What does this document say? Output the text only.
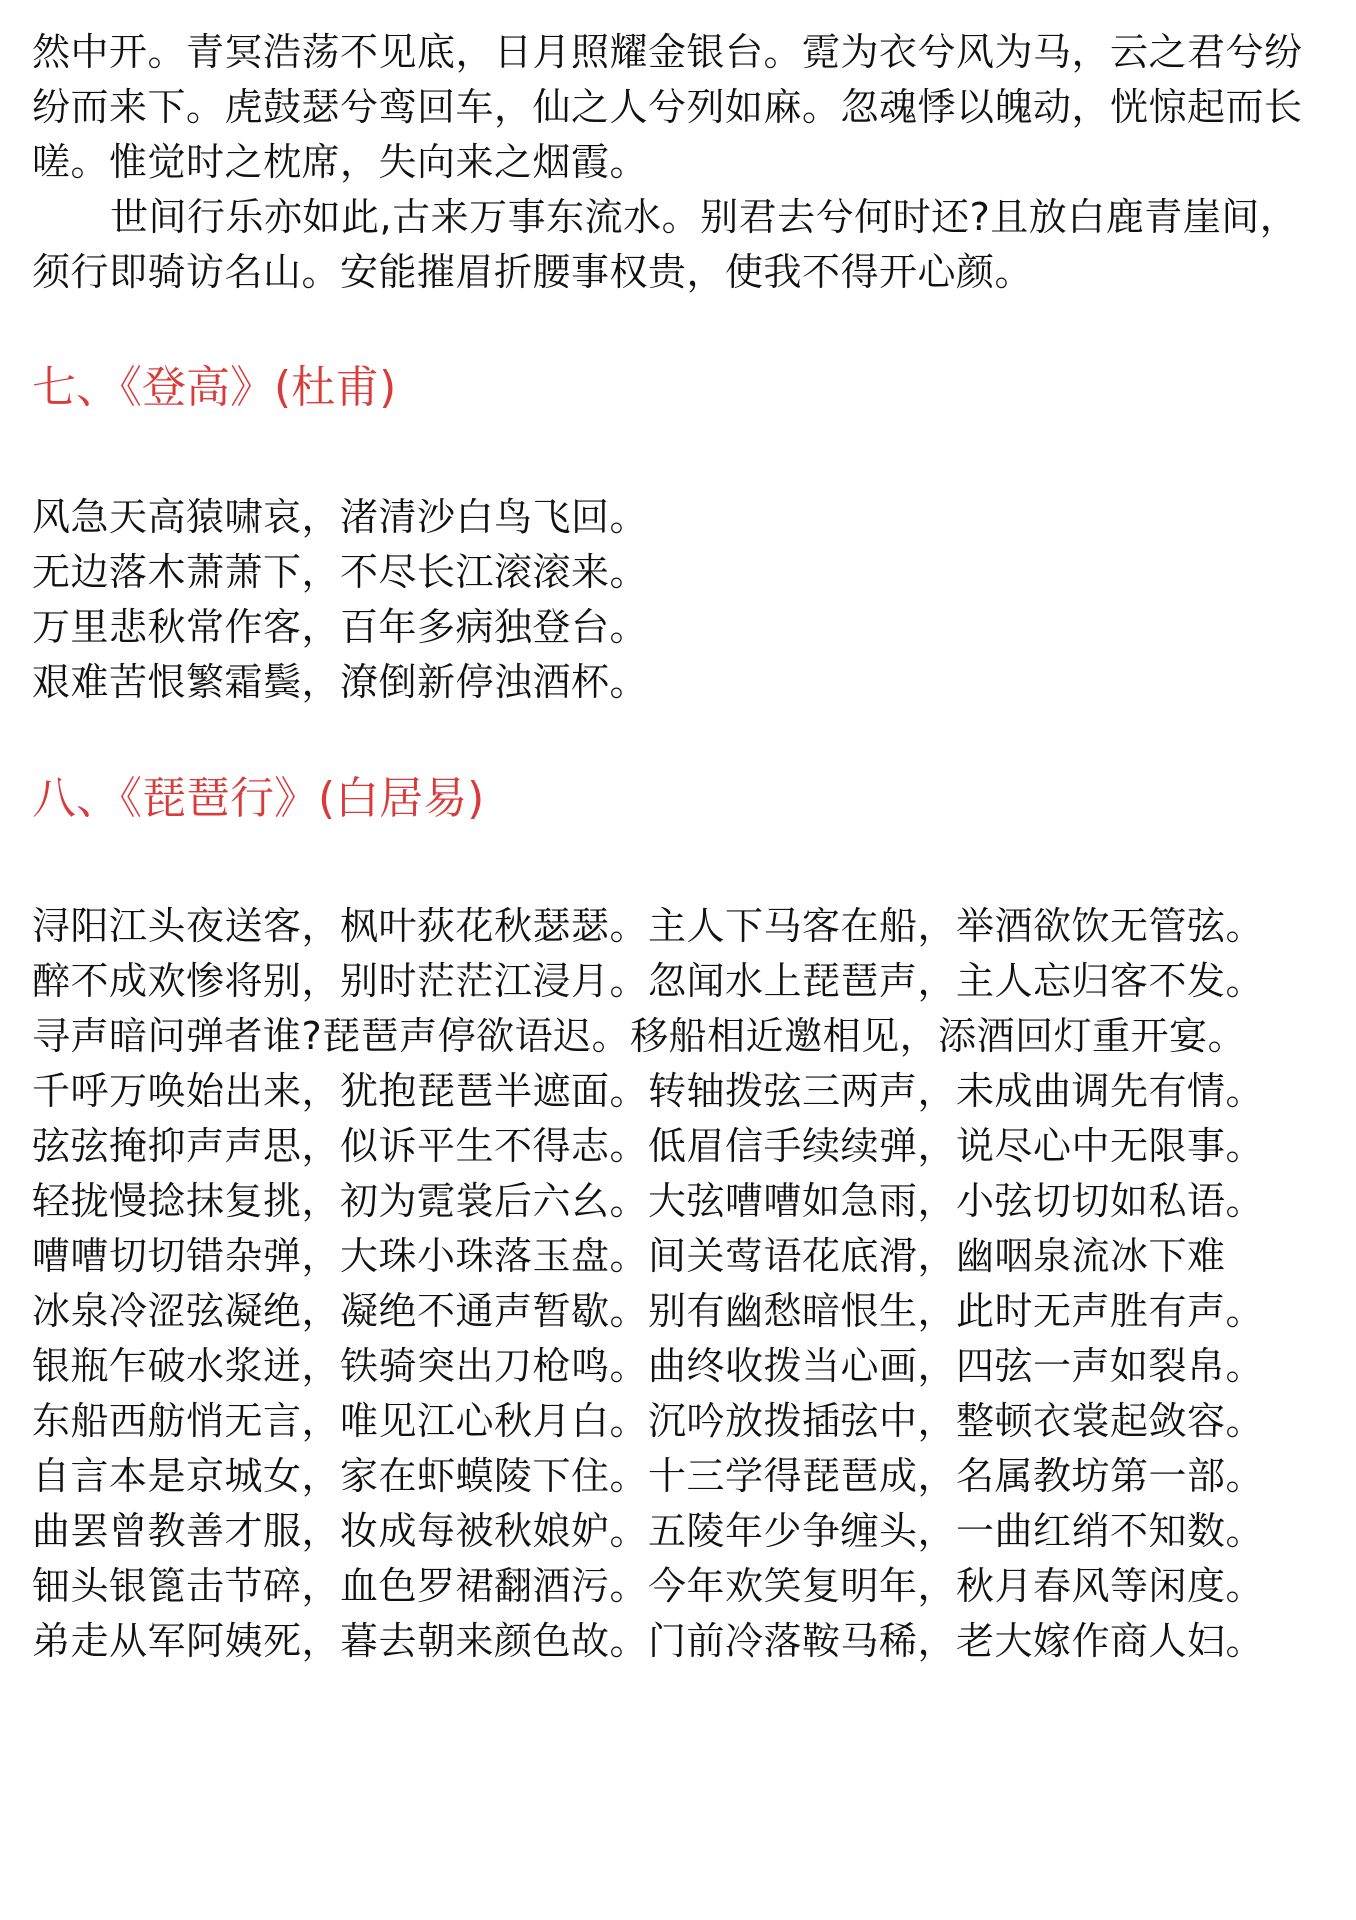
然中开。青冥浩荡不见底，日月照耀金银台。霓为衣兮风为马，云之君兮纷
纷而来下。虎鼓瑟兮鸾回车，仙之人兮列如麻。忽魂悸以魄动，恍惊起而长
嗟。惟觉时之枕席，失向来之烟霞。
世间行乐亦如此,古来万事东流水。别君去兮何时还?且放白鹿青崖间，
须行即骑访名山。安能摧眉折腰事权贵，使我不得开心颜。
七、《登高》(杜甫)
风急天高猿啸哀，渚清沙白鸟飞回。
无边落木萧萧下，不尽长江滚滚来。
万里悲秋常作客，百年多病独登台。
艰难苦恨繁霜鬓，潦倒新停浊酒杯。
八、《琵琶行》(白居易)
浔阳江头夜送客，枫叶荻花秋瑟瑟。主人下马客在船，举酒欲饮无管弦。
醉不成欢惨将别，别时茫茫江浸月。忽闻水上琵琶声，主人忘归客不发。
寻声暗问弹者谁?琵琶声停欲语迟。移船相近邀相见，添酒回灯重开宴。
千呼万唤始出来，犹抱琵琶半遮面。转轴拨弦三两声，未成曲调先有情。
弦弦掩抑声声思，似诉平生不得志。低眉信手续续弹，说尽心中无限事。
轻拢慢捻抹复挑，初为霓裳后六幺。大弦嘈嘈如急雨，小弦切切如私语。
嘈嘈切切错杂弹，大珠小珠落玉盘。间关莺语花底滑，幽咽泉流冰下难
冰泉冷涩弦凝绝，凝绝不通声暂歇。别有幽愁暗恨生，此时无声胜有声。
银瓶乍破水浆迸，铁骑突出刀枪鸣。曲终收拨当心画，四弦一声如裂帛。
东船西舫悄无言，唯见江心秋月白。沉吟放拨插弦中，整顿衣裳起敛容。
自言本是京城女，家在虾蟆陵下住。十三学得琵琶成，名属教坊第一部。
曲罢曾教善才服，妆成每被秋娘妒。五陵年少争缠头，一曲红绡不知数。
钿头银篦击节碎，血色罗裙翻酒污。今年欢笑复明年，秋月春风等闲度。
弟走从军阿姨死，暮去朝来颜色故。门前冷落鞍马稀，老大嫁作商人妇。
